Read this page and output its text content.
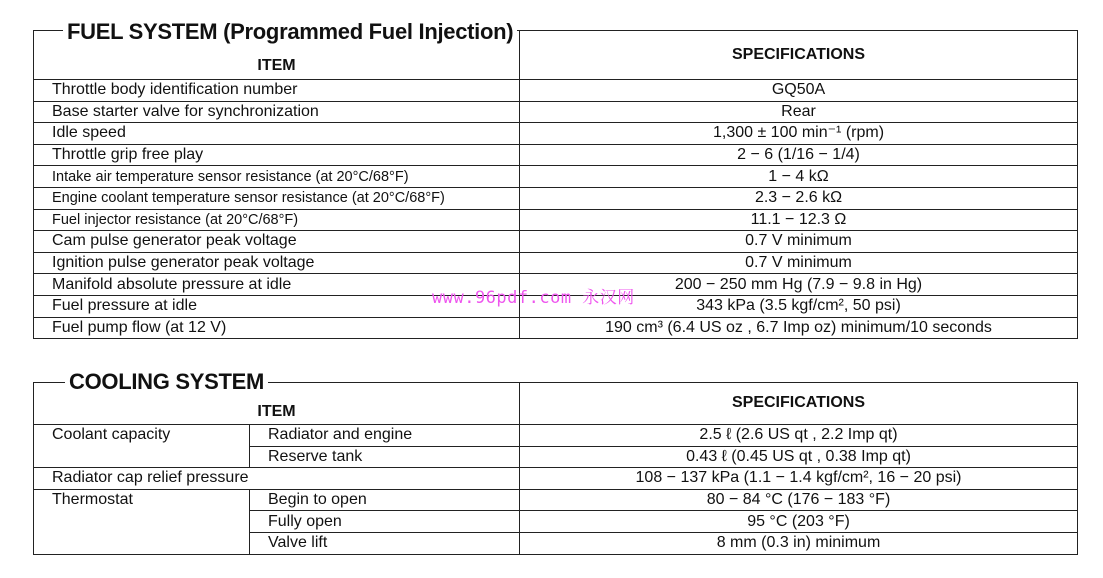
FUEL SYSTEM (Programmed Fuel Injection)
ITEM	SPECIFICATIONS
Throttle body identification number	GQ50A
Base starter valve for synchronization	Rear
Idle speed	1,300 ± 100 min⁻¹ (rpm)
Throttle grip free play	2 − 6 (1/16 − 1/4)
Intake air temperature sensor resistance (at 20°C/68°F)	1 − 4 kΩ
Engine coolant temperature sensor resistance (at 20°C/68°F)	2.3 − 2.6 kΩ
Fuel injector resistance (at 20°C/68°F)	11.1 − 12.3 Ω
Cam pulse generator peak voltage	0.7 V minimum
Ignition pulse generator peak voltage	0.7 V minimum
Manifold absolute pressure at idle	200 − 250 mm Hg (7.9 − 9.8 in Hg)
Fuel pressure at idle	343 kPa (3.5 kgf/cm², 50 psi)
Fuel pump flow (at 12 V)	190 cm³ (6.4 US oz , 6.7 Imp oz) minimum/10 seconds
COOLING SYSTEM
ITEM		SPECIFICATIONS
Coolant capacity	Radiator and engine	2.5 ℓ (2.6 US qt , 2.2 Imp qt)
	Reserve tank	0.43 ℓ (0.45 US qt , 0.38 Imp qt)
Radiator cap relief pressure		108 − 137 kPa (1.1 − 1.4 kgf/cm², 16 − 20 psi)
Thermostat	Begin to open	80 − 84 °C (176 − 183 °F)
	Fully open	95 °C (203 °F)
	Valve lift	8 mm (0.3 in) minimum
www.96pdf.com 永汉网
